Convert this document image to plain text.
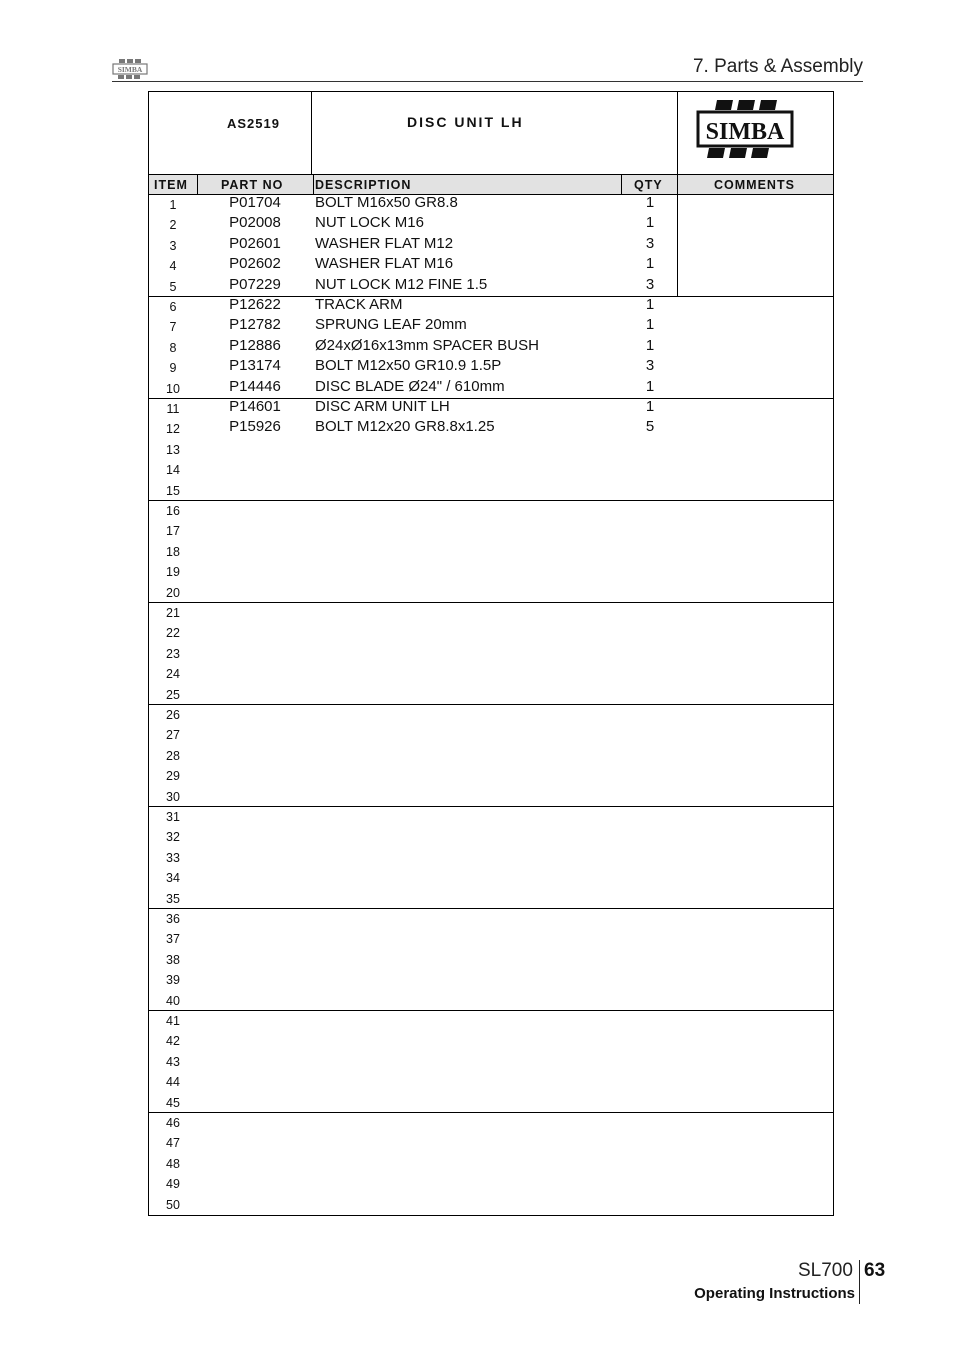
SIMBA	7. Parts & Assembly
AS2519	DISC UNIT LH	SIMBA
ITEM	PART NO	DESCRIPTION	QTY	COMMENTS
1	P01704	BOLT M16x50 GR8.8	1
2	P02008	NUT LOCK M16	1
3	P02601	WASHER FLAT M12	3
4	P02602	WASHER FLAT M16	1
5	P07229	NUT LOCK M12 FINE 1.5	3
6	P12622	TRACK ARM	1
7	P12782	SPRUNG LEAF 20mm	1
8	P12886	Ø24xØ16x13mm SPACER BUSH	1
9	P13174	BOLT M12x50 GR10.9 1.5P	3
10	P14446	DISC BLADE Ø24" / 610mm	1
11	P14601	DISC ARM UNIT LH	1
12	P15926	BOLT M12x20 GR8.8x1.25	5
13
14
15
16
17
18
19
20
21
22
23
24
25
26
27
28
29
30
31
32
33
34
35
36
37
38
39
40
41
42
43
44
45
46
47
48
49
50
SL700 63
Operating Instructions
